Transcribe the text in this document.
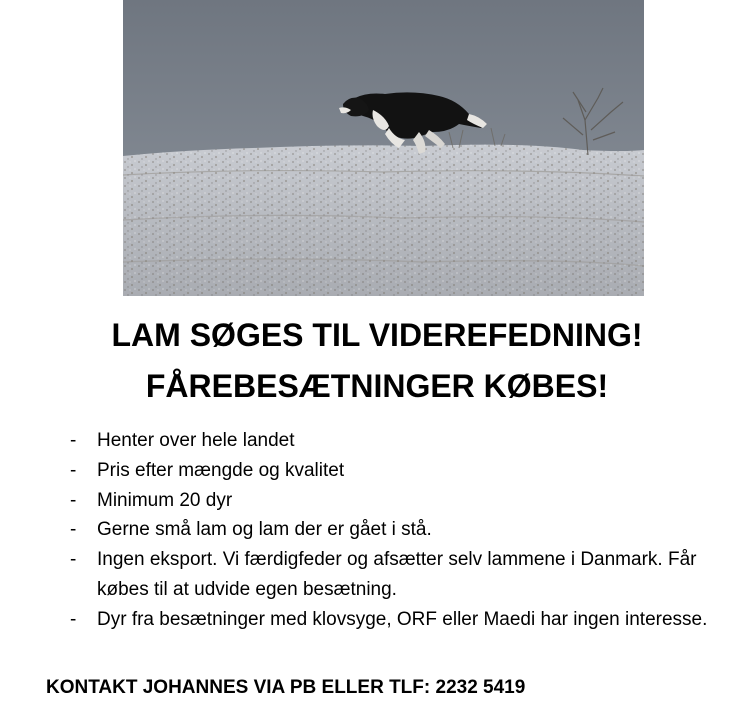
LAM SØGES TIL VIDEREFEDNING!
FÅREBESÆTNINGER KØBES!
- Henter over hele landet
- Pris efter mængde og kvalitet
- Minimum 20 dyr
- Gerne små lam og lam der er gået i stå.
- Ingen eksport. Vi færdigfeder og afsætter selv lammene i Danmark. Får købes til at udvide egen besætning.
- Dyr fra besætninger med klovsyge, ORF eller Maedi har ingen interesse.
KONTAKT JOHANNES VIA PB ELLER TLF: 2232 5419
